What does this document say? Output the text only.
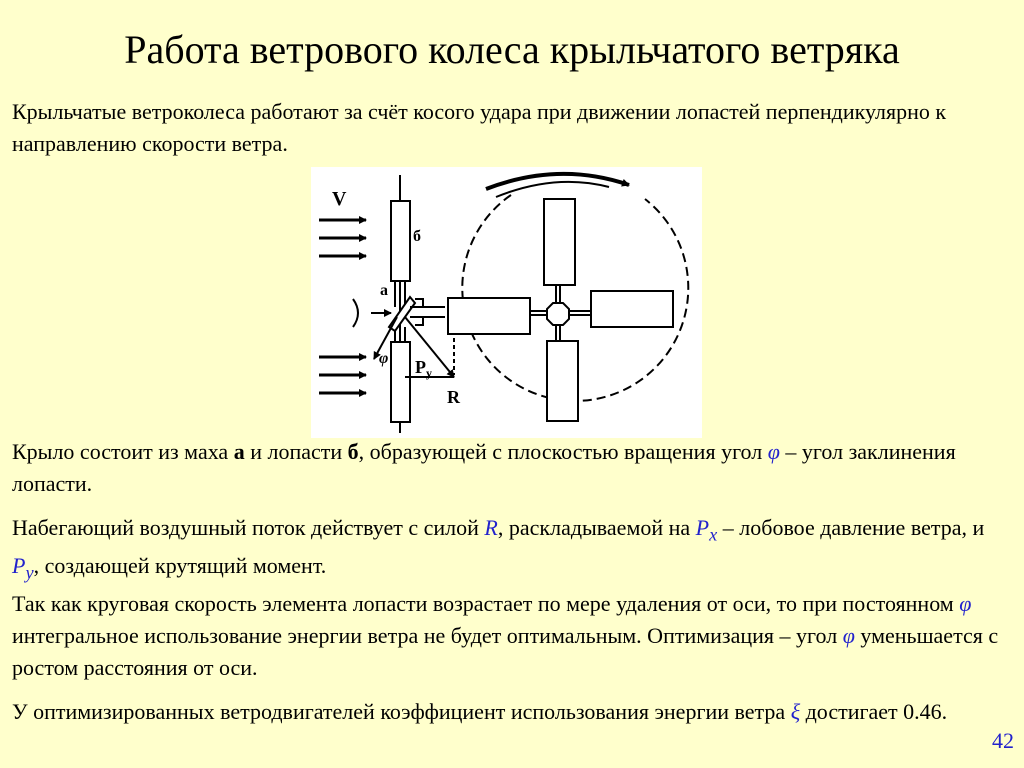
Работа ветрового колеса крыльчатого ветряка
Крыльчатые ветроколеса работают за счёт косого удара при движении лопастей перпендикулярно к направлению скорости ветра.
V
б
а
φ $P_y$
R
Крыло состоит из маха а и лопасти б, образующей с плоскостью вращения угол φ – угол заклинения лопасти.
Набегающий воздушный поток действует с силой R, раскладываемой на $P_x$ – лобовое давление ветра, и $P_y$, создающей крутящий момент.
Так как круговая скорость элемента лопасти возрастает по мере удаления от оси, то при постоянном φ интегральное использование энергии ветра не будет оптимальным. Оптимизация – угол φ уменьшается с ростом расстояния от оси.
У оптимизированных ветродвигателей коэффициент использования энергии ветра ξ достигает 0.46.
42
